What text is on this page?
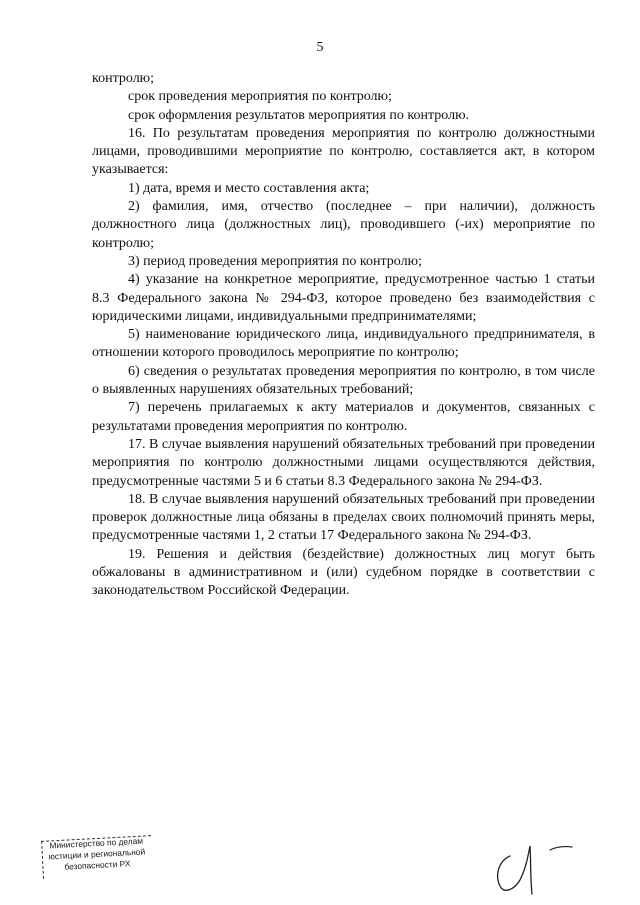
5

контролю;

срок проведения мероприятия по контролю;

срок оформления результатов мероприятия по контролю.

16. По результатам проведения мероприятия по контролю должностными лицами, проводившими мероприятие по контролю, составляется акт, в котором указывается:

1) дата, время и место составления акта;

2) фамилия, имя, отчество (последнее – при наличии), должность должностного лица (должностных лиц), проводившего (-их) мероприятие по контролю;

3) период проведения мероприятия по контролю;

4) указание на конкретное мероприятие, предусмотренное частью 1 статьи 8.3 Федерального закона № 294-ФЗ, которое проведено без взаимодействия с юридическими лицами, индивидуальными предпринимателями;

5) наименование юридического лица, индивидуального предпринимателя, в отношении которого проводилось мероприятие по контролю;

6) сведения о результатах проведения мероприятия по контролю, в том числе о выявленных нарушениях обязательных требований;

7) перечень прилагаемых к акту материалов и документов, связанных с результатами проведения мероприятия по контролю.

17. В случае выявления нарушений обязательных требований при проведении мероприятия по контролю должностными лицами осуществляются действия, предусмотренные частями 5 и 6 статьи 8.3 Федерального закона № 294-ФЗ.

18. В случае выявления нарушений обязательных требований при проведении проверок должностные лица обязаны в пределах своих полномочий принять меры, предусмотренные частями 1, 2 статьи 17 Федерального закона № 294-ФЗ.

19. Решения и действия (бездействие) должностных лиц могут быть обжалованы в административном и (или) судебном порядке в соответствии с законодательством Российской Федерации.

Министерство по делам
юстиции и региональной
безопасности РХ
